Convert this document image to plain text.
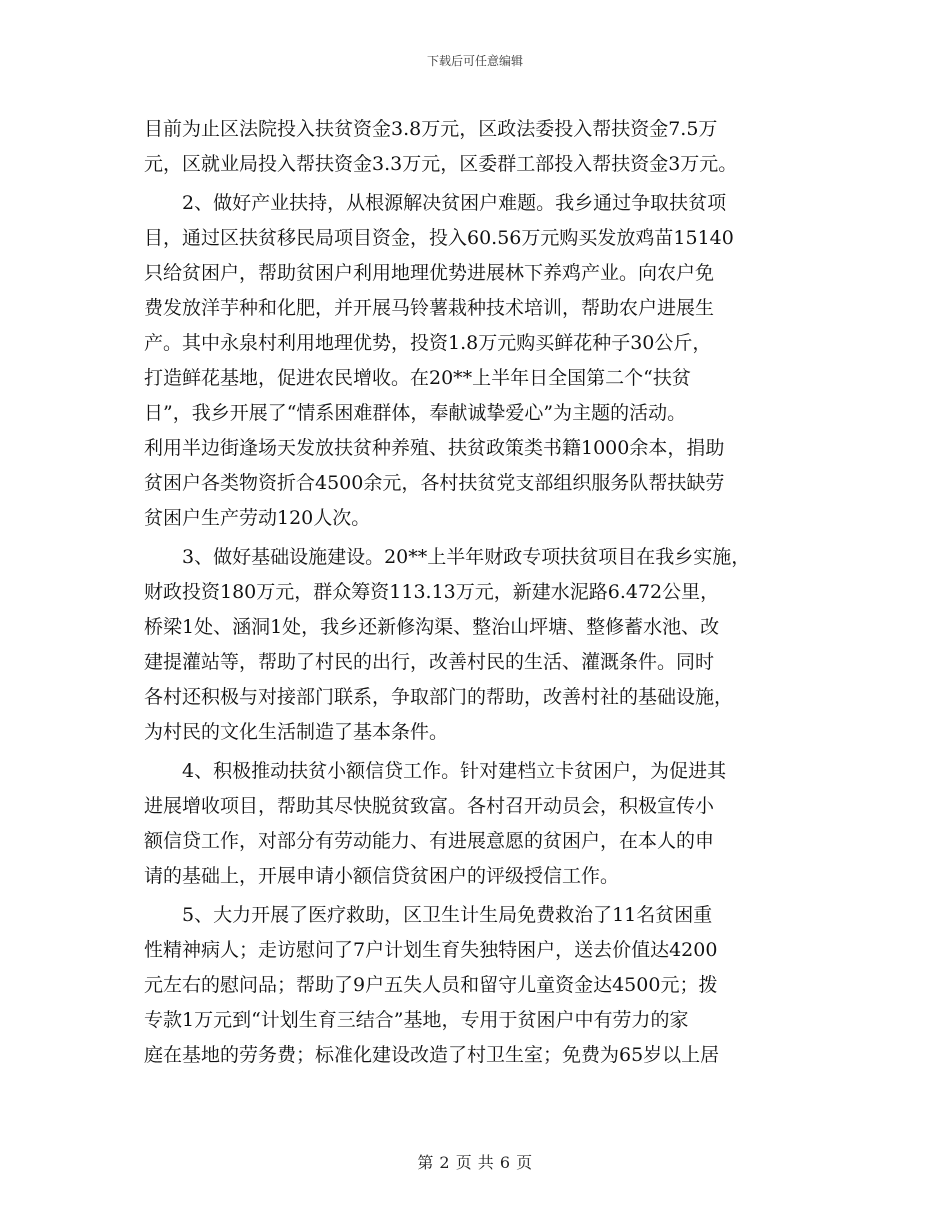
下载后可任意编辑
目前为止区法院投入扶贫资金3.8万元，区政法委投入帮扶资金7.5万
元，区就业局投入帮扶资金3.3万元，区委群工部投入帮扶资金3万元。
2、做好产业扶持，从根源解决贫困户难题。我乡通过争取扶贫项
目，通过区扶贫移民局项目资金，投入60.56万元购买发放鸡苗15140
只给贫困户，帮助贫困户利用地理优势进展林下养鸡产业。向农户免
费发放洋芋种和化肥，并开展马铃薯栽种技术培训，帮助农户进展生
产。其中永泉村利用地理优势，投资1.8万元购买鲜花种子30公斤，
打造鲜花基地，促进农民增收。在20**上半年日全国第二个“扶贫
日”，我乡开展了“情系困难群体，奉献诚挚爱心”为主题的活动。
利用半边街逢场天发放扶贫种养殖、扶贫政策类书籍1000余本，捐助
贫困户各类物资折合4500余元，各村扶贫党支部组织服务队帮扶缺劳
贫困户生产劳动120人次。
3、做好基础设施建设。20**上半年财政专项扶贫项目在我乡实施，
财政投资180万元，群众筹资113.13万元，新建水泥路6.472公里，
桥梁1处、涵洞1处，我乡还新修沟渠、整治山坪塘、整修蓄水池、改
建提灌站等，帮助了村民的出行，改善村民的生活、灌溉条件。同时
各村还积极与对接部门联系，争取部门的帮助，改善村社的基础设施，
为村民的文化生活制造了基本条件。
4、积极推动扶贫小额信贷工作。针对建档立卡贫困户，为促进其
进展增收项目，帮助其尽快脱贫致富。各村召开动员会，积极宣传小
额信贷工作，对部分有劳动能力、有进展意愿的贫困户，在本人的申
请的基础上，开展申请小额信贷贫困户的评级授信工作。
5、大力开展了医疗救助，区卫生计生局免费救治了11名贫困重
性精神病人；走访慰问了7户计划生育失独特困户，送去价值达4200
元左右的慰问品；帮助了9户五失人员和留守儿童资金达4500元；拨
专款1万元到“计划生育三结合”基地，专用于贫困户中有劳力的家
庭在基地的劳务费；标准化建设改造了村卫生室；免费为65岁以上居
第 2 页 共 6 页
